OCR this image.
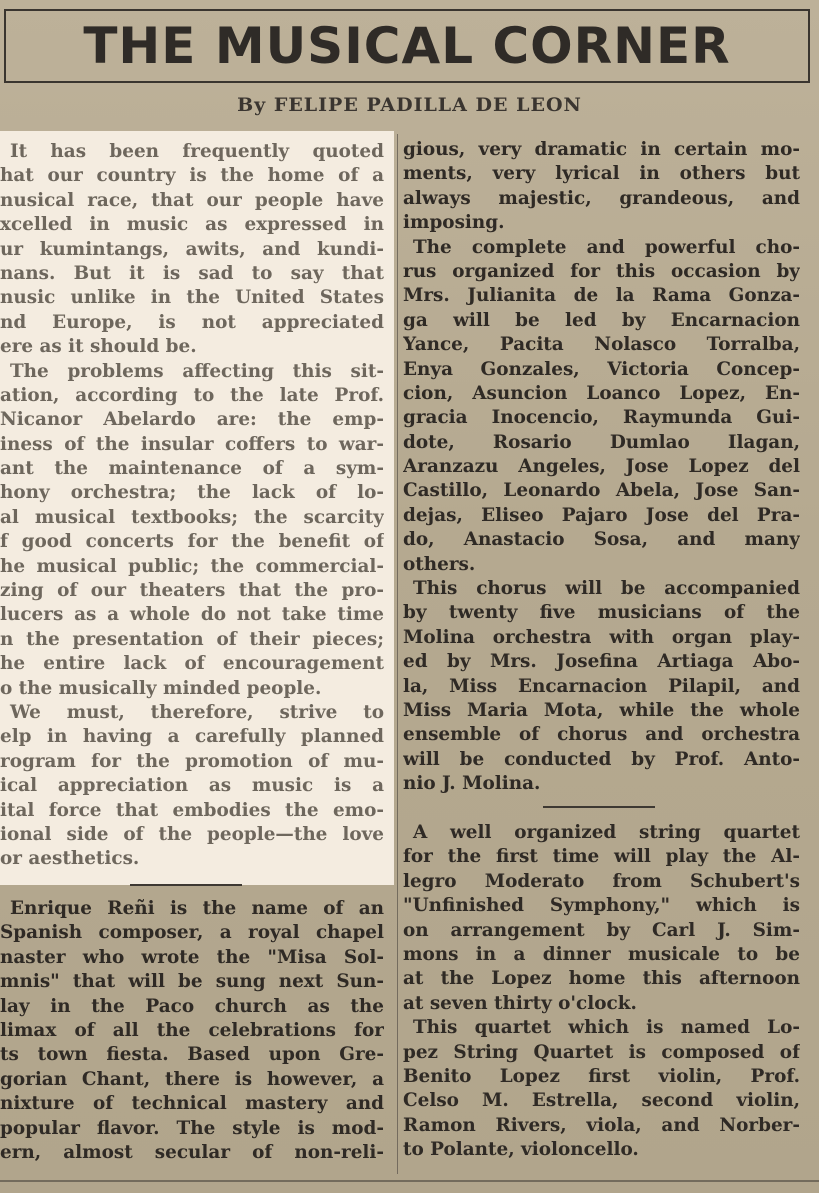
THE MUSICAL CORNER
By FELIPE PADILLA DE LEON
It has been frequently quoted
hat our country is the home of a
nusical race, that our people have
xcelled in music as expressed in
ur kumintangs, awits, and kundi-
nans. But it is sad to say that
nusic unlike in the United States
nd Europe, is not appreciated
ere as it should be.
The problems affecting this sit-
ation, according to the late Prof.
Nicanor Abelardo are: the emp-
iness of the insular coffers to war-
ant the maintenance of a sym-
hony orchestra; the lack of lo-
al musical textbooks; the scarcity
f good concerts for the benefit of
he musical public; the commercial-
zing of our theaters that the pro-
lucers as a whole do not take time
n the presentation of their pieces;
he entire lack of encouragement
o the musically minded people.
We must, therefore, strive to
elp in having a carefully planned
rogram for the promotion of mu-
ical appreciation as music is a
ital force that embodies the emo-
ional side of the people—the love
or aesthetics.
Enrique Reñi is the name of an
Spanish composer, a royal chapel
naster who wrote the "Misa Sol-
mnis" that will be sung next Sun-
lay in the Paco church as the
limax of all the celebrations for
ts town fiesta. Based upon Gre-
gorian Chant, there is however, a
nixture of technical mastery and
popular flavor. The style is mod-
ern, almost secular of non-reli-
gious, very dramatic in certain mo-
ments, very lyrical in others but
always majestic, grandeous, and
imposing.
The complete and powerful cho-
rus organized for this occasion by
Mrs. Julianita de la Rama Gonza-
ga will be led by Encarnacion
Yance, Pacita Nolasco Torralba,
Enya Gonzales, Victoria Concep-
cion, Asuncion Loanco Lopez, En-
gracia Inocencio, Raymunda Gui-
dote, Rosario Dumlao Ilagan,
Aranzazu Angeles, Jose Lopez del
Castillo, Leonardo Abela, Jose San-
dejas, Eliseo Pajaro Jose del Pra-
do, Anastacio Sosa, and many
others.
This chorus will be accompanied
by twenty five musicians of the
Molina orchestra with organ play-
ed by Mrs. Josefina Artiaga Abo-
la, Miss Encarnacion Pilapil, and
Miss Maria Mota, while the whole
ensemble of chorus and orchestra
will be conducted by Prof. Anto-
nio J. Molina.
A well organized string quartet
for the first time will play the Al-
legro Moderato from Schubert's
"Unfinished Symphony," which is
on arrangement by Carl J. Sim-
mons in a dinner musicale to be
at the Lopez home this afternoon
at seven thirty o'clock.
This quartet which is named Lo-
pez String Quartet is composed of
Benito Lopez first violin, Prof.
Celso M. Estrella, second violin,
Ramon Rivers, viola, and Norber-
to Polante, violoncello.
